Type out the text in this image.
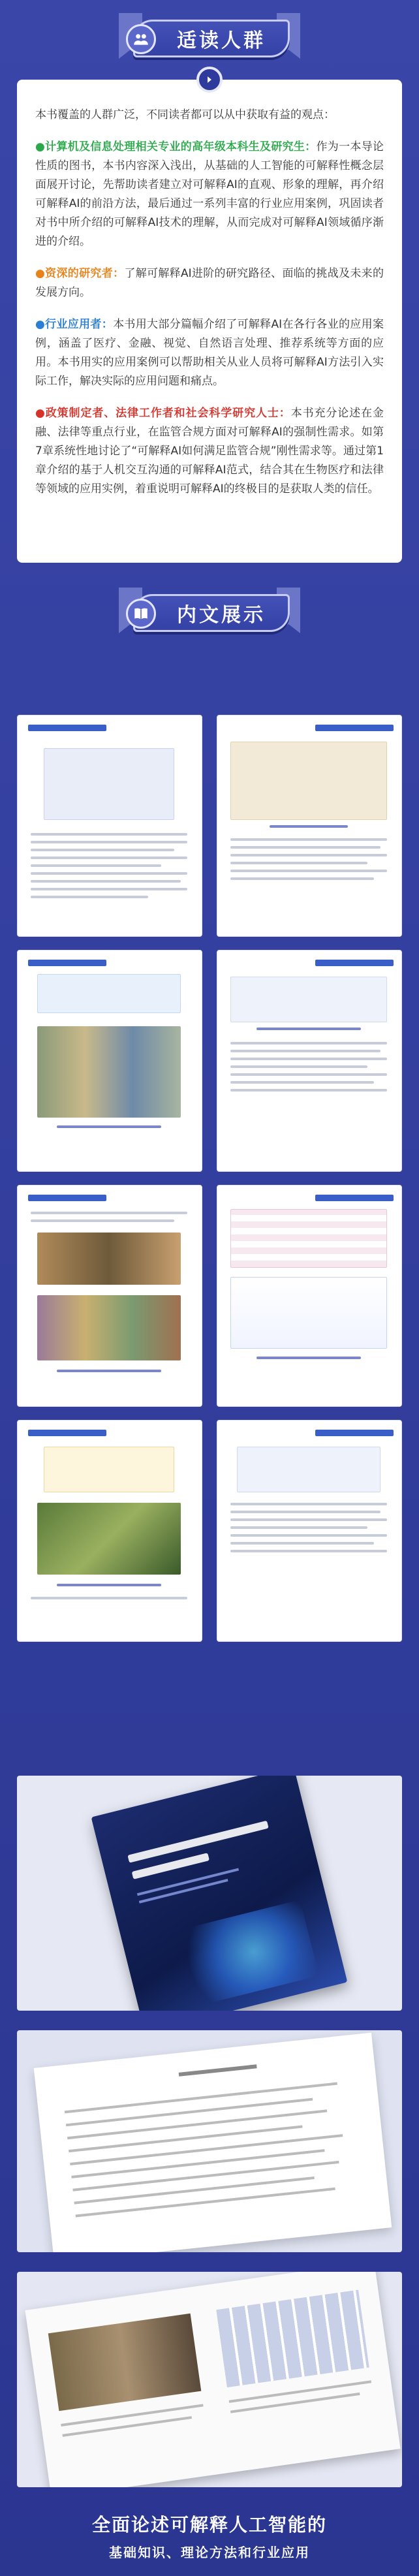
适读人群

本书覆盖的人群广泛，不同读者都可以从中获取有益的观点：

●计算机及信息处理相关专业的高年级本科生及研究生：作为一本导论性质的图书，本书内容深入浅出，从基础的人工智能的可解释性概念层面展开讨论，先帮助读者建立对可解释AI的直观、形象的理解，再介绍可解释AI的前沿方法，最后通过一系列丰富的行业应用案例，巩固读者对书中所介绍的可解释AI技术的理解，从而完成对可解释AI领域循序渐进的介绍。

●资深的研究者：了解可解释AI进阶的研究路径、面临的挑战及未来的发展方向。

●行业应用者：本书用大部分篇幅介绍了可解释AI在各行各业的应用案例，涵盖了医疗、金融、视觉、自然语言处理、推荐系统等方面的应用。本书用实的应用案例可以帮助相关从业人员将可解释AI方法引入实际工作，解决实际的应用问题和痛点。

●政策制定者、法律工作者和社会科学研究人士：本书充分论述在金融、法律等重点行业，在监管合规方面对可解释AI的强制性需求。如第7章系统性地讨论了“可解释AI如何满足监管合规”刚性需求等。通过第1章介绍的基于人机交互沟通的可解释AI范式，结合其在生物医疗和法律等领域的应用实例，着重说明可解释AI的终极目的是获取人类的信任。

内文展示
全面论述可解释人工智能的
基础知识、理论方法和行业应用
